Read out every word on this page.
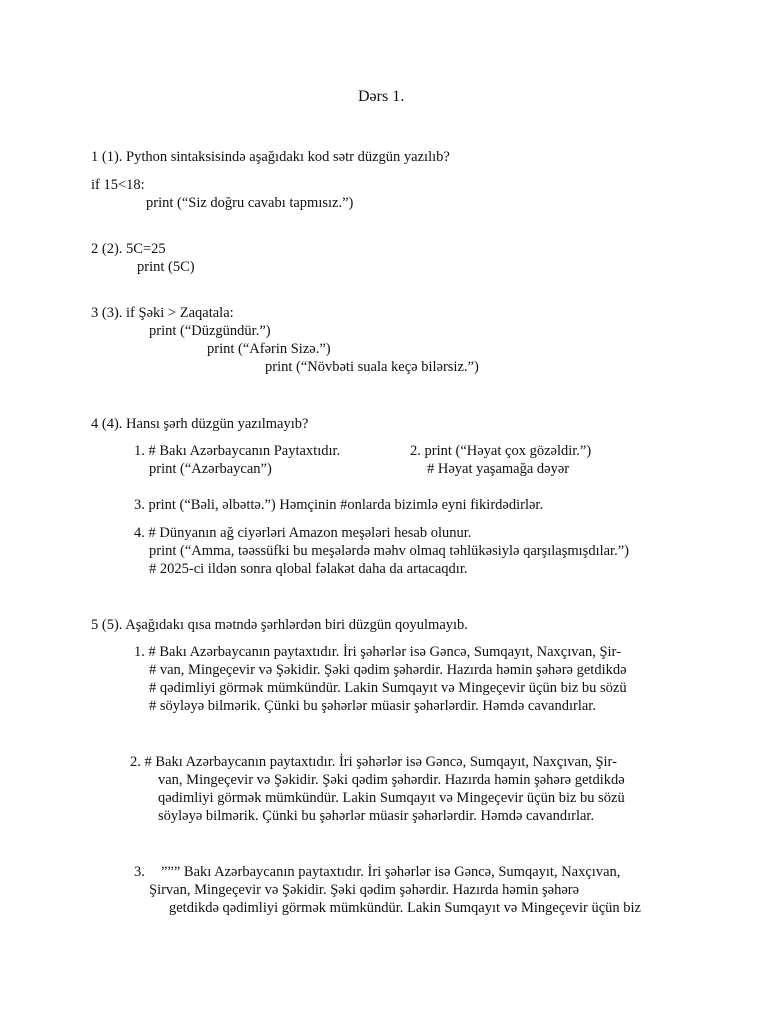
Dərs 1.
1 (1). Python sintaksisində aşağıdakı kod sətr düzgün yazılıb?
if 15<18:
print (“Siz doğru cavabı tapmısız.”)
2 (2). 5C=25
print (5C)
3 (3). if Şəki > Zaqatala:
print (“Düzgündür.”)
print (“Afərin Sizə.”)
print (“Növbəti suala keçə bilərsiz.”)
4 (4). Hansı şərh düzgün yazılmayıb?
1. # Bakı Azərbaycanın Paytaxtıdır.
print (“Azərbaycan”)
2. print (“Həyat çox gözəldir.”)
# Həyat yaşamağa dəyər
3. print (“Bəli, əlbəttə.”) Həmçinin #onlarda bizimlə eyni fikirdədirlər.
4. # Dünyanın ağ ciyərləri Amazon meşələri hesab olunur.
print (“Amma, təəssüfki bu meşələrdə məhv olmaq təhlükəsiylə qarşılaşmışdılar.”)
# 2025-ci ildən sonra qlobal fəlakət daha da artacaqdır.
5 (5). Aşağıdakı qısa mətndə şərhlərdən biri düzgün qoyulmayıb.
1. # Bakı Azərbaycanın paytaxtıdır. İri şəhərlər isə Gəncə, Sumqayıt, Naxçıvan, Şir-
# van, Mingeçevir və Şəkidir. Şəki qədim şəhərdir. Hazırda həmin şəhərə getdikdə
# qədimliyi görmək mümkündür. Lakin Sumqayıt və Mingeçevir üçün biz bu sözü
# söyləyə bilmərik. Çünki bu şəhərlər müasir şəhərlərdir. Həmdə cavandırlar.
2. # Bakı Azərbaycanın paytaxtıdır. İri şəhərlər isə Gəncə, Sumqayıt, Naxçıvan, Şir-
van, Mingeçevir və Şəkidir. Şəki qədim şəhərdir. Hazırda həmin şəhərə getdikdə
qədimliyi görmək mümkündür. Lakin Sumqayıt və Mingeçevir üçün biz bu sözü
söyləyə bilmərik. Çünki bu şəhərlər müasir şəhərlərdir. Həmdə cavandırlar.
3. ””” Bakı Azərbaycanın paytaxtıdır. İri şəhərlər isə Gəncə, Sumqayıt, Naxçıvan,
Şirvan, Mingeçevir və Şəkidir. Şəki qədim şəhərdir. Hazırda həmin şəhərə
getdikdə qədimliyi görmək mümkündür. Lakin Sumqayıt və Mingeçevir üçün biz
